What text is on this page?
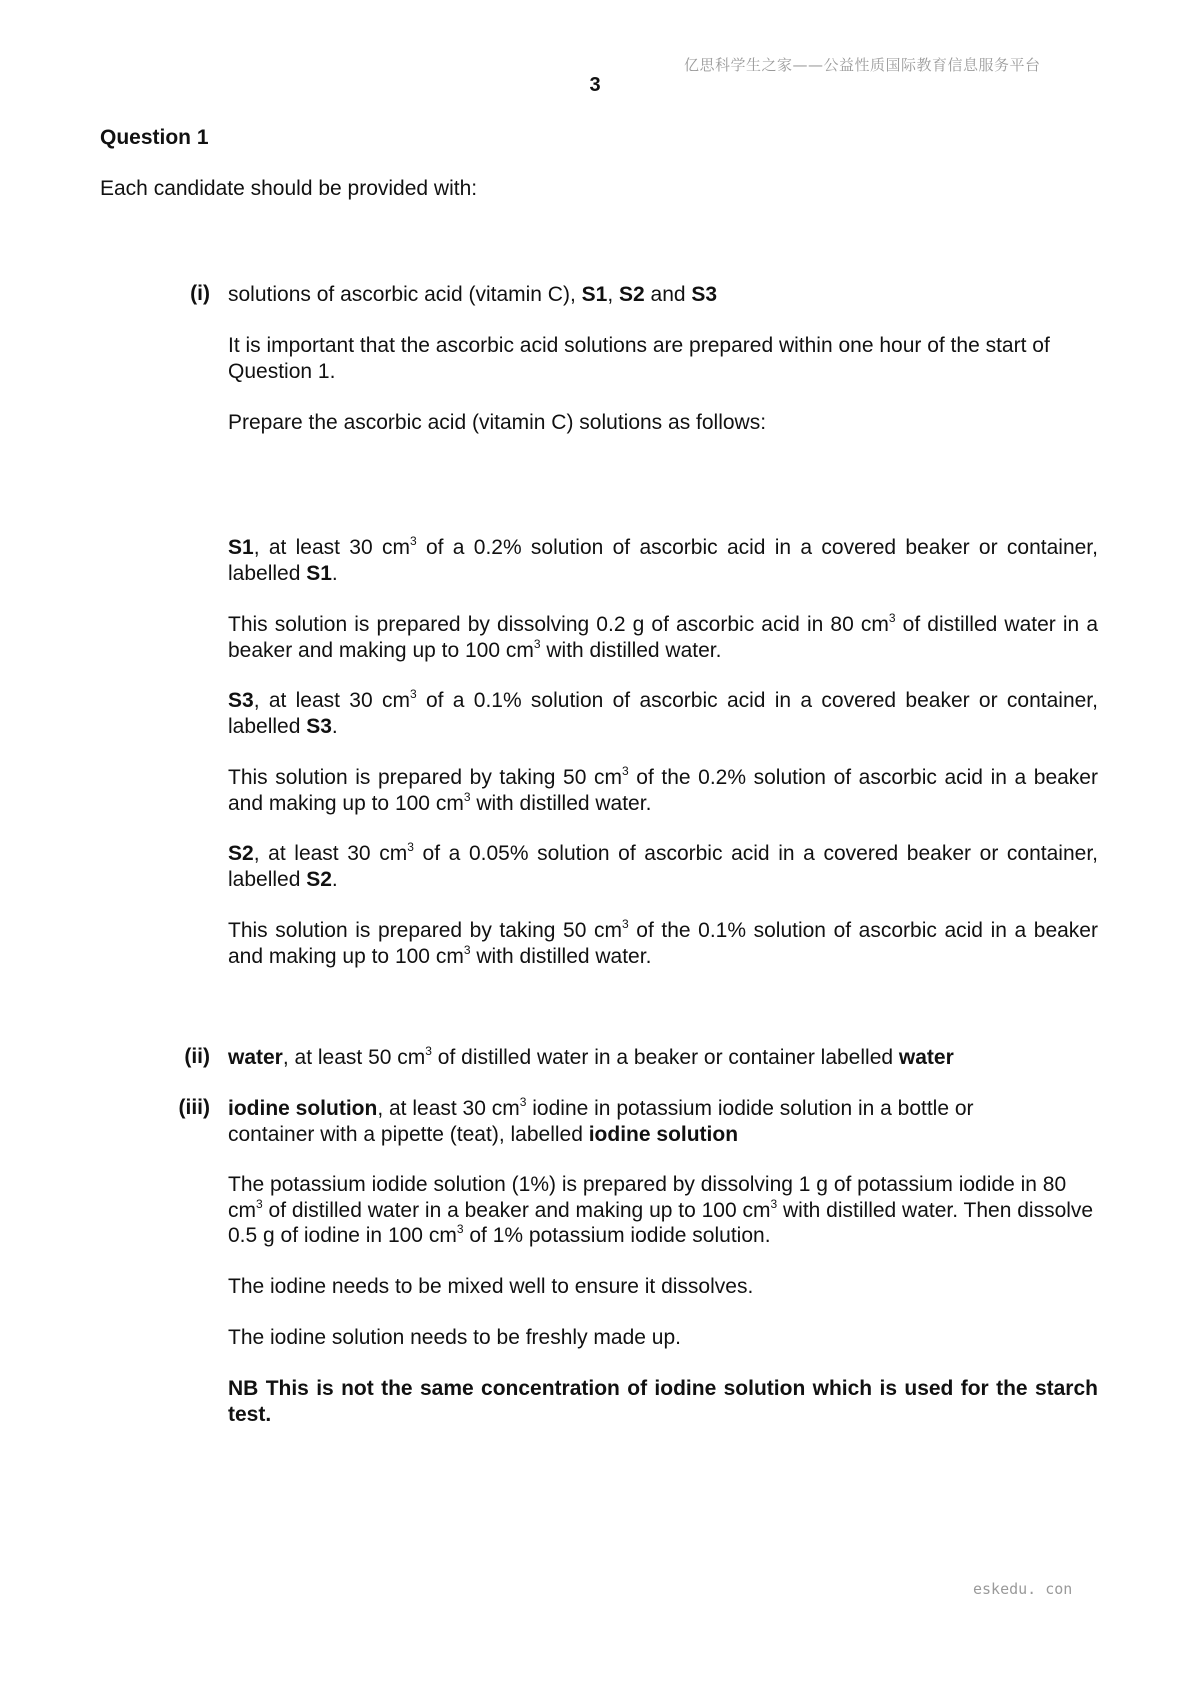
亿思科学生之家——公益性质国际教育信息服务平台
3
Question 1
Each candidate should be provided with:
(i) solutions of ascorbic acid (vitamin C), S1, S2 and S3
It is important that the ascorbic acid solutions are prepared within one hour of the start of Question 1.
Prepare the ascorbic acid (vitamin C) solutions as follows:
S1, at least 30 $cm^3$ of a 0.2% solution of ascorbic acid in a covered beaker or container, labelled S1.
This solution is prepared by dissolving 0.2 g of ascorbic acid in 80 $cm^3$ of distilled water in a beaker and making up to 100 $cm^3$ with distilled water.
S3, at least 30 $cm^3$ of a 0.1% solution of ascorbic acid in a covered beaker or container, labelled S3.
This solution is prepared by taking 50 $cm^3$ of the 0.2% solution of ascorbic acid in a beaker and making up to 100 $cm^3$ with distilled water.
S2, at least 30 $cm^3$ of a 0.05% solution of ascorbic acid in a covered beaker or container, labelled S2.
This solution is prepared by taking 50 $cm^3$ of the 0.1% solution of ascorbic acid in a beaker and making up to 100 $cm^3$ with distilled water.
(ii) water, at least 50 $cm^3$ of distilled water in a beaker or container labelled water
(iii) iodine solution, at least 30 $cm^3$ iodine in potassium iodide solution in a bottle or container with a pipette (teat), labelled iodine solution
The potassium iodide solution (1%) is prepared by dissolving 1 g of potassium iodide in 80 $cm^3$ of distilled water in a beaker and making up to 100 $cm^3$ with distilled water. Then dissolve 0.5 g of iodine in 100 $cm^3$ of 1% potassium iodide solution.
The iodine needs to be mixed well to ensure it dissolves.
The iodine solution needs to be freshly made up.
NB This is not the same concentration of iodine solution which is used for the starch test.
eskedu. con
